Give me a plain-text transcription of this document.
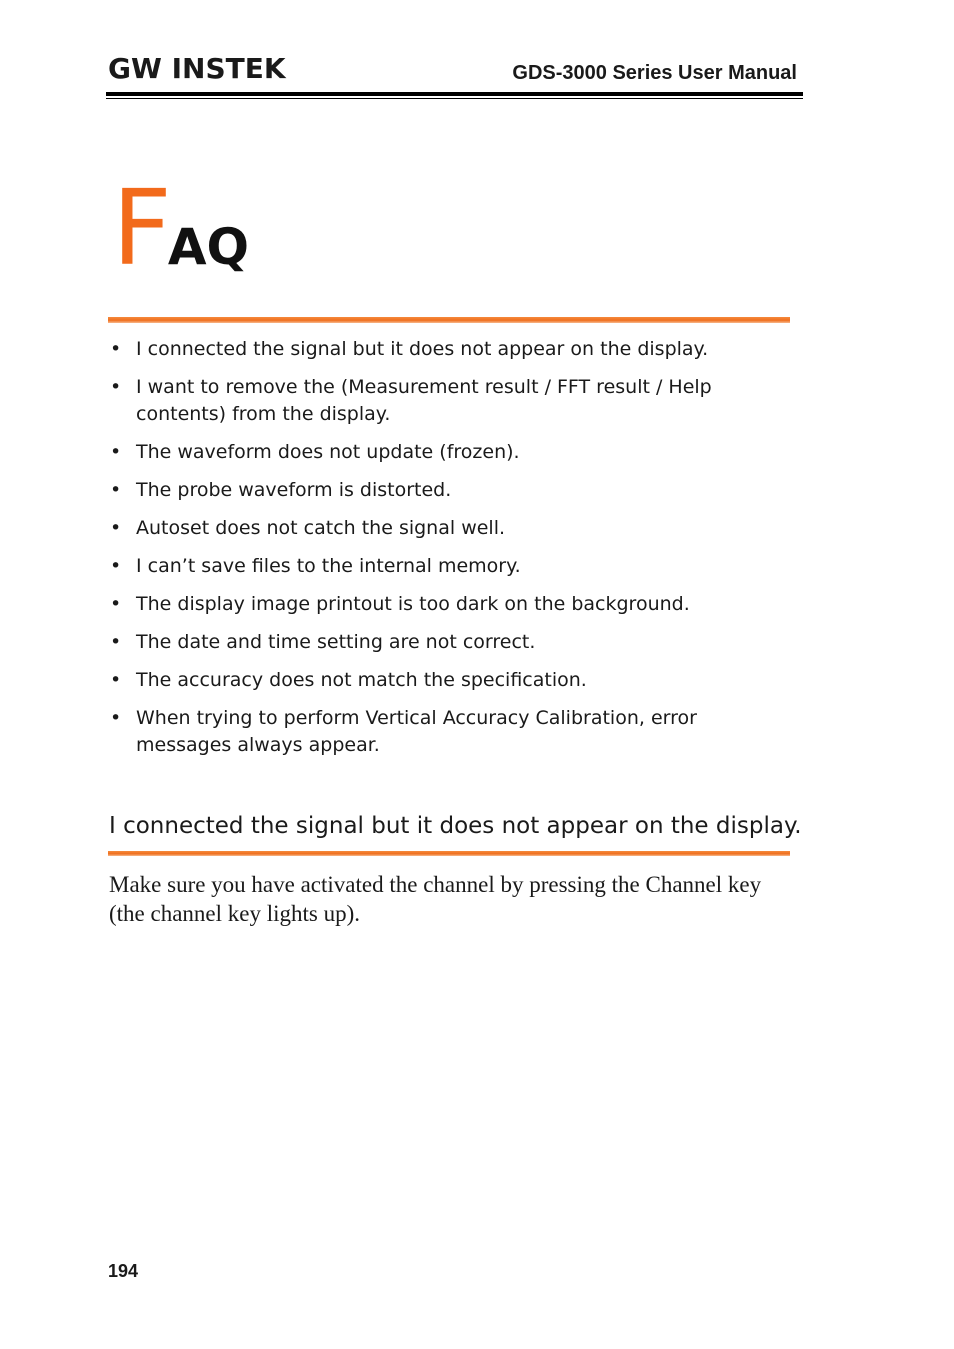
GW INSTEK	GDS-3000 Series User Manual
FAQ
• I connected the signal but it does not appear on the display.
• I want to remove the (Measurement result / FFT result / Help contents) from the display.
• The waveform does not update (frozen).
• The probe waveform is distorted.
• Autoset does not catch the signal well.
• I can’t save files to the internal memory.
• The display image printout is too dark on the background.
• The date and time setting are not correct.
• The accuracy does not match the specification.
• When trying to perform Vertical Accuracy Calibration, error messages always appear.
I connected the signal but it does not appear on the display.
Make sure you have activated the channel by pressing the Channel key (the channel key lights up).
194
